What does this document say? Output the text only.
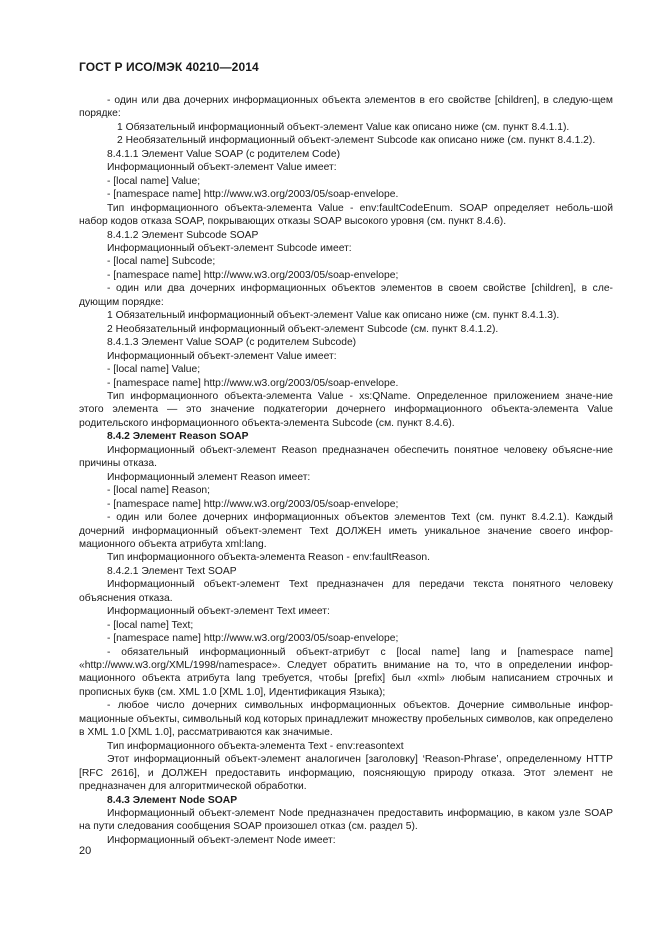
ГОСТ Р ИСО/МЭК 40210—2014

- один или два дочерних информационных объекта элементов в его свойстве [children], в следую-щем порядке:

1 Обязательный информационный объект-элемент Value как описано ниже (см. пункт 8.4.1.1).

2 Необязательный информационный объект-элемент Subcode как описано ниже (см. пункт 8.4.1.2).

8.4.1.1 Элемент Value SOAP (с родителем Code)

Информационный объект-элемент Value имеет:

- [local name] Value;

- [namespace name] http://www.w3.org/2003/05/soap-envelope.

Тип информационного объекта-элемента Value - env:faultCodeEnum. SOAP определяет неболь-шой набор кодов отказа SOAP, покрывающих отказы SOAP высокого уровня (см. пункт 8.4.6).

8.4.1.2 Элемент Subcode SOAP

Информационный объект-элемент Subcode имеет:

- [local name] Subcode;

- [namespace name] http://www.w3.org/2003/05/soap-envelope;

- один или два дочерних информационных объектов элементов в своем свойстве [children], в сле-дующим порядке:

1 Обязательный информационный объект-элемент Value как описано ниже (см. пункт 8.4.1.3).

2 Необязательный информационный объект-элемент Subcode (см. пункт 8.4.1.2).

8.4.1.3 Элемент Value SOAP (с родителем Subcode)

Информационный объект-элемент Value имеет:

- [local name] Value;

- [namespace name] http://www.w3.org/2003/05/soap-envelope.

Тип информационного объекта-элемента Value - xs:QName. Определенное приложением значе-ние этого элемента — это значение подкатегории дочернего информационного объекта-элемента Value родительского информационного объекта-элемента Subcode (см. пункт 8.4.6).

8.4.2 Элемент Reason SOAP

Информационный объект-элемент Reason предназначен обеспечить понятное человеку объясне-ние причины отказа.

Информационный элемент Reason имеет:

- [local name] Reason;

- [namespace name] http://www.w3.org/2003/05/soap-envelope;

- один или более дочерних информационных объектов элементов Text (см. пункт 8.4.2.1). Каждый дочерний информационный объект-элемент Text ДОЛЖЕН иметь уникальное значение своего инфор-мационного объекта атрибута xml:lang.

Тип информационного объекта-элемента Reason - env:faultReason.

8.4.2.1 Элемент Text SOAP

Информационный объект-элемент Text предназначен для передачи текста понятного человеку объяснения отказа.

Информационный объект-элемент Text имеет:

- [local name] Text;

- [namespace name] http://www.w3.org/2003/05/soap-envelope;

- обязательный информационный объект-атрибут с [local name] lang и [namespace name] «http://www.w3.org/XML/1998/namespace». Следует обратить внимание на то, что в определении инфор-мационного объекта атрибута lang требуется, чтобы [prefix] был «xml» любым написанием строчных и прописных букв (см. XML 1.0 [XML 1.0], Идентификация Языка);

- любое число дочерних символьных информационных объектов. Дочерние символьные инфор-мационные объекты, символьный код которых принадлежит множеству пробельных символов, как определено в XML 1.0 [XML 1.0], рассматриваются как значимые.

Тип информационного объекта-элемента Text - env:reasontext

Этот информационный объект-элемент аналогичен [заголовку] ‘Reason-Phrase’, определенному HTTP [RFC 2616], и ДОЛЖЕН предоставить информацию, поясняющую природу отказа. Этот элемент не предназначен для алгоритмической обработки.

8.4.3 Элемент Node SOAP

Информационный объект-элемент Node предназначен предоставить информацию, в каком узле SOAP на пути следования сообщения SOAP произошел отказ (см. раздел 5).

Информационный объект-элемент Node имеет:

20
